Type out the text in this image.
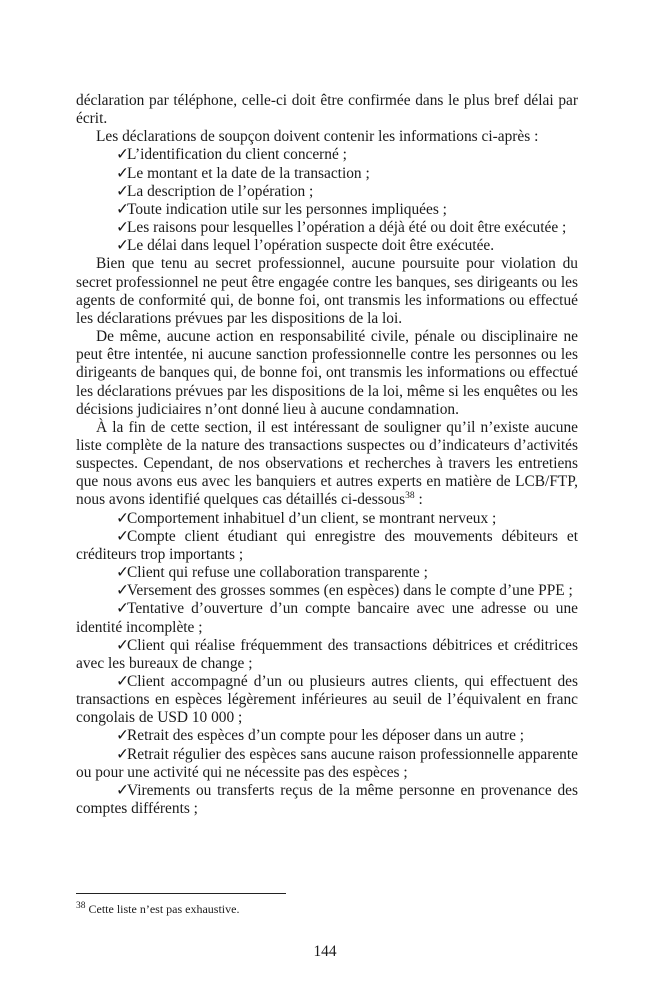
déclaration par téléphone, celle-ci doit être confirmée dans le plus bref délai par écrit.

Les déclarations de soupçon doivent contenir les informations ci-après :

✓L’identification du client concerné ;

✓Le montant et la date de la transaction ;

✓La description de l’opération ;

✓Toute indication utile sur les personnes impliquées ;

✓Les raisons pour lesquelles l’opération a déjà été ou doit être exécutée ;

✓Le délai dans lequel l’opération suspecte doit être exécutée.

Bien que tenu au secret professionnel, aucune poursuite pour violation du secret professionnel ne peut être engagée contre les banques, ses dirigeants ou les agents de conformité qui, de bonne foi, ont transmis les informations ou effectué les déclarations prévues par les dispositions de la loi.

De même, aucune action en responsabilité civile, pénale ou disciplinaire ne peut être intentée, ni aucune sanction professionnelle contre les personnes ou les dirigeants de banques qui, de bonne foi, ont transmis les informations ou effectué les déclarations prévues par les dispositions de la loi, même si les enquêtes ou les décisions judiciaires n’ont donné lieu à aucune condamnation.

À la fin de cette section, il est intéressant de souligner qu’il n’existe aucune liste complète de la nature des transactions suspectes ou d’indicateurs d’activités suspectes. Cependant, de nos observations et recherches à travers les entretiens que nous avons eus avec les banquiers et autres experts en matière de LCB/FTP, nous avons identifié quelques cas détaillés ci-dessous$^{38}$ :

✓Comportement inhabituel d’un client, se montrant nerveux ;

✓Compte client étudiant qui enregistre des mouvements débiteurs et créditeurs trop importants ;

✓Client qui refuse une collaboration transparente ;

✓Versement des grosses sommes (en espèces) dans le compte d’une PPE ;

✓Tentative d’ouverture d’un compte bancaire avec une adresse ou une identité incomplète ;

✓Client qui réalise fréquemment des transactions débitrices et créditrices avec les bureaux de change ;

✓Client accompagné d’un ou plusieurs autres clients, qui effectuent des transactions en espèces légèrement inférieures au seuil de l’équivalent en franc congolais de USD 10 000 ;

✓Retrait des espèces d’un compte pour les déposer dans un autre ;

✓Retrait régulier des espèces sans aucune raison professionnelle apparente ou pour une activité qui ne nécessite pas des espèces ;

✓Virements ou transferts reçus de la même personne en provenance des comptes différents ;

$^{38}$ Cette liste n’est pas exhaustive.
144
